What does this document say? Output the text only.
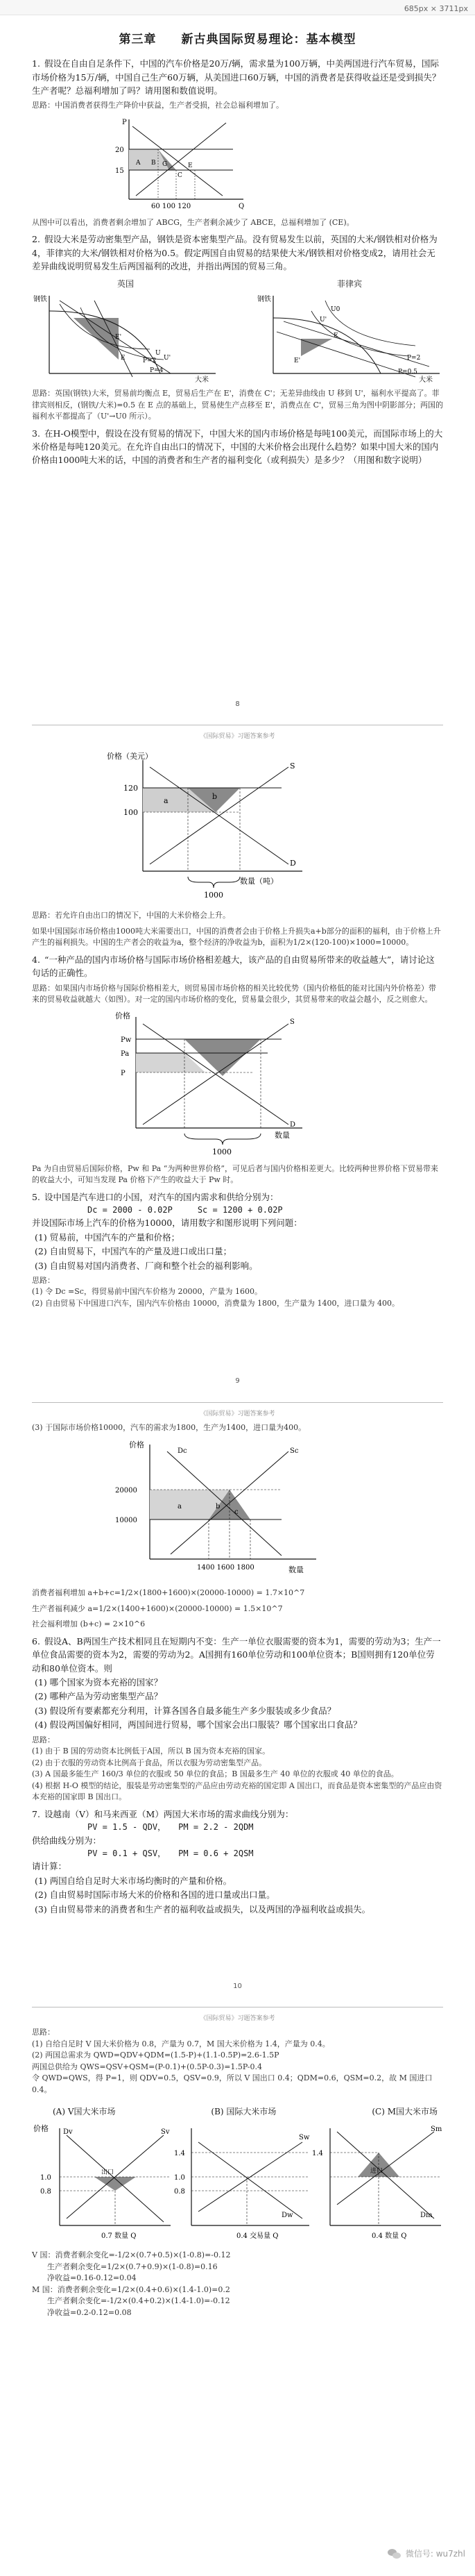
685px × 3711px
第三章　　新古典国际贸易理论：基本模型

1. 假设在自由自足条件下，中国的汽车价格是20万/辆，需求量为100万辆，中美两国进行汽车贸易，国际市场价格为15万/辆，中国自己生产60万辆，从美国进口60万辆，中国的消费者是获得收益还是受到损失？生产者呢？总福利增加了吗？请用图和数值说明。

思路：中国消费者获得生产降价中获益，生产者受损，社会总福利增加了。
P
20
15
60 100 120	Q
A B G
C
E
从图中可以看出，消费者剩余增加了 ABCG，生产者剩余减少了 ABCE，总福利增加了 (CE)。

2. 假设大米是劳动密集型产品，钢铁是资本密集型产品。没有贸易发生以前，英国的大米/钢铁相对价格为4，菲律宾的大米/钢铁相对价格为0.5。假定两国自由贸易的结果使大米/钢铁相对价格变成2，请用社会无差异曲线说明贸易发生后两国福利的改进，并指出两国的贸易三角。

英国
钢铁
大米
P=2
P=4
E
E'
U
U'
菲律宾
钢铁
大米
P=2
P=0.5
E
E'
U0
U'
思路：英国(钢铁)大米，贸易前均衡点 E，贸易后生产在 E'，消费在 C'；无差异曲线由 U 移到 U'，福利水平提高了。菲律宾则相反，(钢铁/大米)=0.5 在 E 点的基础上，贸易使生产点移至 E'，消费点在 C'，贸易三角为图中阴影部分；两国的福利水平都提高了（U'→U0 所示）。

3. 在H-O模型中，假设在没有贸易的情况下，中国大米的国内市场价格是每吨100美元，而国际市场上的大米价格是每吨120美元。在允许自由出口的情况下，中国的大米价格会出现什么趋势？如果中国大米的国内价格由1000吨大米的话，中国的消费者和生产者的福利变化（或利损失）是多少？（用图和数字说明）

8
《国际贸易》习题答案参考
价格（美元）
120
100
数量（吨）
S
D
a	b
1000
思路：若允许自由出口的情况下，中国的大米价格会上升。
如果中国国际市场价格由1000吨大米需要出口，中国的消费者会由于价格上升损失a+b部分的面积的福利，由于价格上升产生的福利损失。中国的生产者会的收益为a，整个经济的净收益为b，面积为1/2×(120-100)×1000=10000。

4. “一种产品的国内市场价格与国际市场价格相差越大，该产品的自由贸易所带来的收益越大”，请讨论这句话的正确性。

思路：如果国内市场价格与国际价格相差大，则贸易国市场价格的相关比较优势（国内价格低的能对比国内外价格差）带来的贸易收益就越大（如图）。对一定的国内市场价格的变化，贸易量会很少，其贸易带来的收益会越小，反之则愈大。
价格
数量
Pw
Pa
P
S
D
1000
Pa 为自由贸易后国际价格，Pw 和 Pa “为两种世界价格”，可见后者与国内价格相差更大。比较两种世界价格下贸易带来的收益大小，可知当发现 Pa 价格下产生的收益大于 Pw 时。

5. 设中国是汽车进口的小国，对汽车的国内需求和供给分别为：

Dc = 2000 - 0.02P　　　Sc = 1200 + 0.02P

并设国际市场上汽车的价格为10000，请用数字和图形说明下列问题：

(1) 贸易前，中国汽车的产量和价格；
(2) 自由贸易下，中国汽车的产量及进口或出口量；
(3) 自由贸易对国内消费者、厂商和整个社会的福利影响。
思路：
(1) 令 Dc =Sc，得贸易前中国汽车价格为 20000，产量为 1600。
(2) 自由贸易下中国进口汽车，国内汽车价格由 10000，消费量为 1800，生产量为 1400，进口量为 400。
9
《国际贸易》习题答案参考
(3) 于国际市场价格10000，汽车的需求为1800，生产为1400，进口量为400。
价格
数量
20000
10000
1400 1600 1800
Sc
Dc
a	b
c
消费者福利增加 a+b+c=1/2×(1800+1600)×(20000-10000) = 1.7×10^7
生产者福利减少 a=1/2×(1400+1600)×(20000-10000) = 1.5×10^7
社会福利增加 (b+c) = 2×10^6

6. 假设A、B两国生产技术相同且在短期内不变：生产一单位衣服需要的资本为1，需要的劳动为3；生产一单位食品需要的资本为2，需要的劳动为2。A国拥有160单位劳动和100单位资本；B国则拥有120单位劳动和80单位资本。则

(1) 哪个国家为资本充裕的国家？
(2) 哪种产品为劳动密集型产品？
(3) 假设所有要素都充分利用，计算各国各自最多能生产多少服装或多少食品？
(4) 假设两国偏好相同，两国间进行贸易，哪个国家会出口服装？哪个国家出口食品？
思路：
(1) 由于 B 国的劳动资本比例低于A国，所以 B 国为资本充裕的国家。
(2) 由于衣服的劳动资本比例高于食品，所以衣服为劳动密集型产品。
(3) A 国最多能生产 160/3 单位的衣服或 50 单位的食品；B 国最多生产 40 单位的衣服或 40 单位的食品。
(4) 根据 H-O 模型的结论，服装是劳动密集型的产品应由劳动充裕的国定即 A 国出口，而食品是资本密集型的产品应由资本充裕的国家即 B 国出口。

7. 设越南（V）和马来西亚（M）两国大米市场的需求曲线分别为：

PV = 1.5 - QDV，　　PM = 2.2 - 2QDM

供给曲线分别为：

PV = 0.1 + QSV，　　PM = 0.6 + 2QSM

请计算：

(1) 两国自给自足时大米市场均衡时的产量和价格。
(2) 自由贸易时国际市场大米的价格和各国的进口量或出口量。
(3) 自由贸易带来的消费者和生产者的福利收益或损失，以及两国的净福利收益或损失。
10
《国际贸易》习题答案参考
思路：
(1) 自给自足时 V 国大米价格为 0.8，产量为 0.7，M 国大米价格为 1.4，产量为 0.4。
(2) 两国总需求为 QWD=QDV+QDM=(1.5-P)+(1.1-0.5P)=2.6-1.5P
两国总供给为 QWS=QSV+QSM=(P-0.1)+(0.5P-0.3)=1.5P-0.4
令 QWD=QWS，得 P=1，则 QDV=0.5，QSV=0.9，所以 V 国出口 0.4；QDM=0.6，QSM=0.2，故 M 国进口 0.4。
(A) V国大米市场	(B) 国际大米市场	(C) M国大米市场
价格
1.0
0.8
0.7 数量 Q
Sv
Dv
出口
1.4
1.0
0.8
0.4 交易量 Q
Sw
Dw
1.4
0.4 数量 Q
Sm
Dm
进口
V 国：消费者剩余变化=-1/2×(0.7+0.5)×(1-0.8)=-0.12
　　生产者剩余变化=1/2×(0.7+0.9)×(1-0.8)=0.16
　　净收益=0.16-0.12=0.04
M 国：消费者剩余变化=1/2×(0.4+0.6)×(1.4-1.0)=0.2
　　生产者剩余变化=-1/2×(0.4+0.2)×(1.4-1.0)=-0.12
　　净收益=0.2-0.12=0.08
微信号: wu7zhl
